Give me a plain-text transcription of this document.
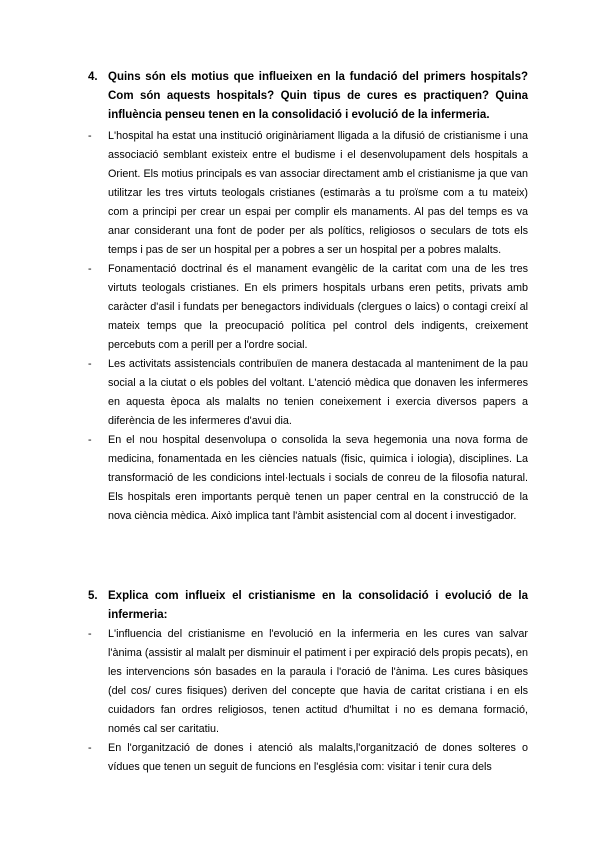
4. Quins són els motius que influeixen en la fundació del primers hospitals? Com són aquests hospitals? Quin tipus de cures es practiquen? Quina influència penseu tenen en la consolidació i evolució de la infermeria.
- L'hospital ha estat una institució originàriament lligada a la difusió de cristianisme i una associació semblant existeix entre el budisme i el desenvolupament dels hospitals a Orient. Els motius principals es van associar directament amb el cristianisme ja que van utilitzar les tres virtuts teologals cristianes (estimaràs a tu proïsme com a tu mateix) com a principi per crear un espai per complir els manaments. Al pas del temps es va anar considerant una font de poder per als polítics, religiosos o seculars de tots els temps i pas de ser un hospital per a pobres a ser un hospital per a pobres malalts.
- Fonamentació doctrinal és el manament evangèlic de la caritat com una de les tres virtuts teologals cristianes. En els primers hospitals urbans eren petits, privats amb caràcter d'asil i fundats per benegactors individuals (clergues o laics) o contagi creixí al mateix temps que la preocupació política pel control dels indigents, creixement percebuts com a perill per a l'ordre social.
- Les activitats assistencials contribuïen de manera destacada al manteniment de la pau social a la ciutat o els pobles del voltant. L'atenció mèdica que donaven les infermeres en aquesta època als malalts no tenien coneixement i exercia diversos papers a diferència de les infermeres d'avui dia.
- En el nou hospital desenvolupa o consolida la seva hegemonia una nova forma de medicina, fonamentada en les ciències natuals (fisic, quimica i iologia), disciplines. La transformació de les condicions intel·lectuals i socials de conreu de la filosofia natural. Els hospitals eren importants perquè tenen un paper central en la construcció de la nova ciència mèdica. Això implica tant l'àmbit asistencial com al docent i investigador.
5. Explica com influeix el cristianisme en la consolidació i evolució de la infermeria:
- L'influencia del cristianisme en l'evolució en la infermeria en les cures van salvar l'ànima (assistir al malalt per disminuir el patiment i per expiració dels propis pecats), en les intervencions són basades en la paraula i l'oració de l'ànima. Les cures bàsiques (del cos/ cures fisiques) deriven del concepte que havia de caritat cristiana i en els cuidadors fan ordres religiosos, tenen actitud d'humiltat i no es demana formació, només cal ser caritatiu.
- En l'organització de dones i atenció als malalts,l'organització de dones solteres o vídues que tenen un seguit de funcions en l'església com: visitar i tenir cura dels
